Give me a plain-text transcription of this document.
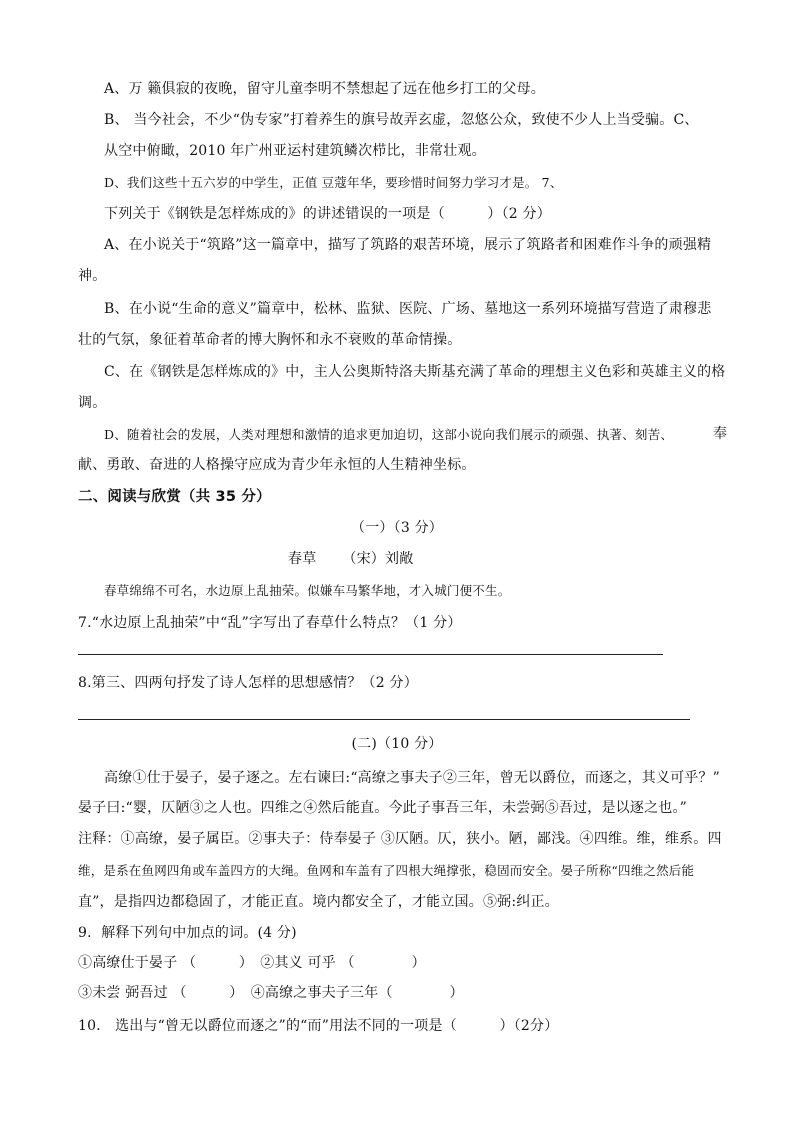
A、万 籁俱寂的夜晚，留守儿童李明不禁想起了远在他乡打工的父母。
B、 当今社会，不少“伪专家”打着养生的旗号故弄玄虚，忽悠公众，致使不少人上当受骗。C、
从空中俯瞰，2010 年广州亚运村建筑鳞次栉比，非常壮观。
D、我们这些十五六岁的中学生，正值 豆蔻年华，要珍惜时间努力学习才是。 7、
下列关于《钢铁是怎样炼成的》的讲述错误的一项是（　　　）（2 分）
A、在小说关于“筑路”这一篇章中，描写了筑路的艰苦环境，展示了筑路者和困难作斗争的顽强精
神。
B、在小说“生命的意义”篇章中，松林、监狱、医院、广场、墓地这一系列环境描写营造了肃穆悲
壮的气氛，象征着革命者的博大胸怀和永不衰败的革命情操。
C、在《钢铁是怎样炼成的》中，主人公奥斯特洛夫斯基充满了革命的理想主义色彩和英雄主义的格
调。
D、随着社会的发展，人类对理想和激情的追求更加迫切，这部小说向我们展示的顽强、执著、刻苦、	奉
献、勇敢、奋进的人格操守应成为青少年永恒的人生精神坐标。
二、阅读与欣赏（共 35 分）
（一）（3 分）
春草 （宋）刘敞
春草绵绵不可名，水边原上乱抽荣。似嫌车马繁华地，才入城门便不生。
7.“水边原上乱抽荣”中“乱”字写出了春草什么特点？（1 分）
8.第三、四两句抒发了诗人怎样的思想感情？（2 分）
(二)（10 分）
高缭①仕于晏子，晏子逐之。左右谏曰:“高缭之事夫子②三年，曾无以爵位，而逐之，其义可乎？”
晏子曰:“婴，仄陋③之人也。四维之④然后能直。今此子事吾三年，未尝弼⑤吾过，是以逐之也。”
注释：①高缭，晏子属臣。②事夫子：侍奉晏子 ③仄陋。仄，狭小。陋，鄙浅。④四维。维，维系。四
维，是系在鱼网四角或车盖四方的大绳。鱼网和车盖有了四根大绳撑张，稳固而安全。晏子所称“四维之然后能
直”，是指四边都稳固了，才能正直。境内都安全了，才能立国。⑤弼:纠正。
9．解释下列句中加点的词。(4 分)
①高缭仕于晏子 （　　　）　②其义 可乎 （　　　　）
③未尝 弼吾过 （　　　）　④高缭之事夫子三年（　　　　）
10． 选出与“曾无以爵位而逐之”的“而”用法不同的一项是（　　　）（2分）
